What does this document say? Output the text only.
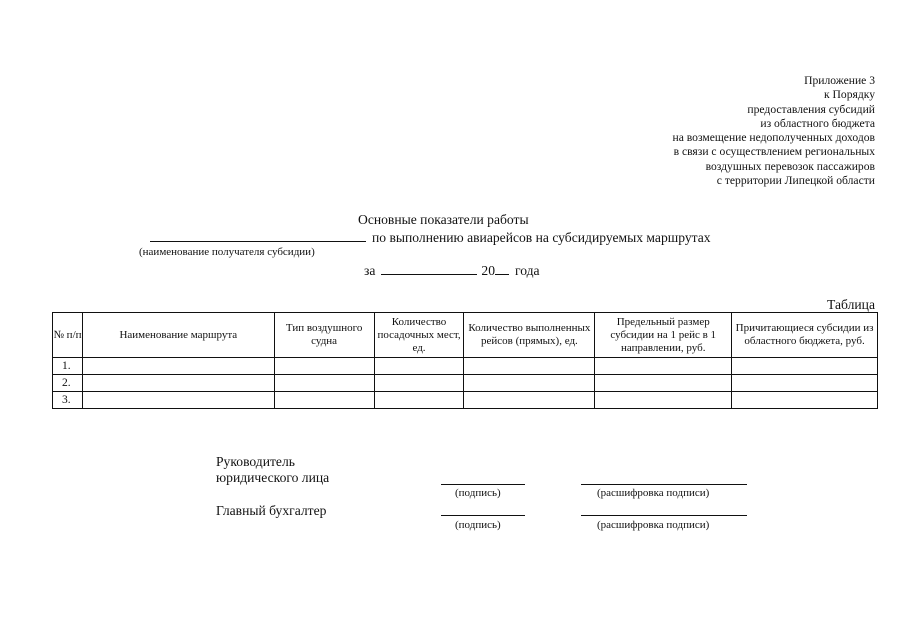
Приложение 3
к Порядку
предоставления субсидий
из областного бюджета
на возмещение недополученных доходов
в связи с осуществлением региональных
воздушных перевозок пассажиров
с территории Липецкой области
Основные показатели работы
по выполнению авиарейсов на субсидируемых маршрутах
(наименование получателя субсидии)
за	20 года
Таблица
№ п/п	Наименование маршрута	Тип воздушного судна	Количество посадочных мест, ед.	Количество выполненных рейсов (прямых), ед.	Предельный размер субсидии на 1 рейс в 1 направлении, руб.	Причитающиеся субсидии из областного бюджета, руб.
1.						
2.						
3.						
Руководитель
юридического лица
(подпись)	(расшифровка подписи)
Главный бухгалтер
(подпись)	(расшифровка подписи)
